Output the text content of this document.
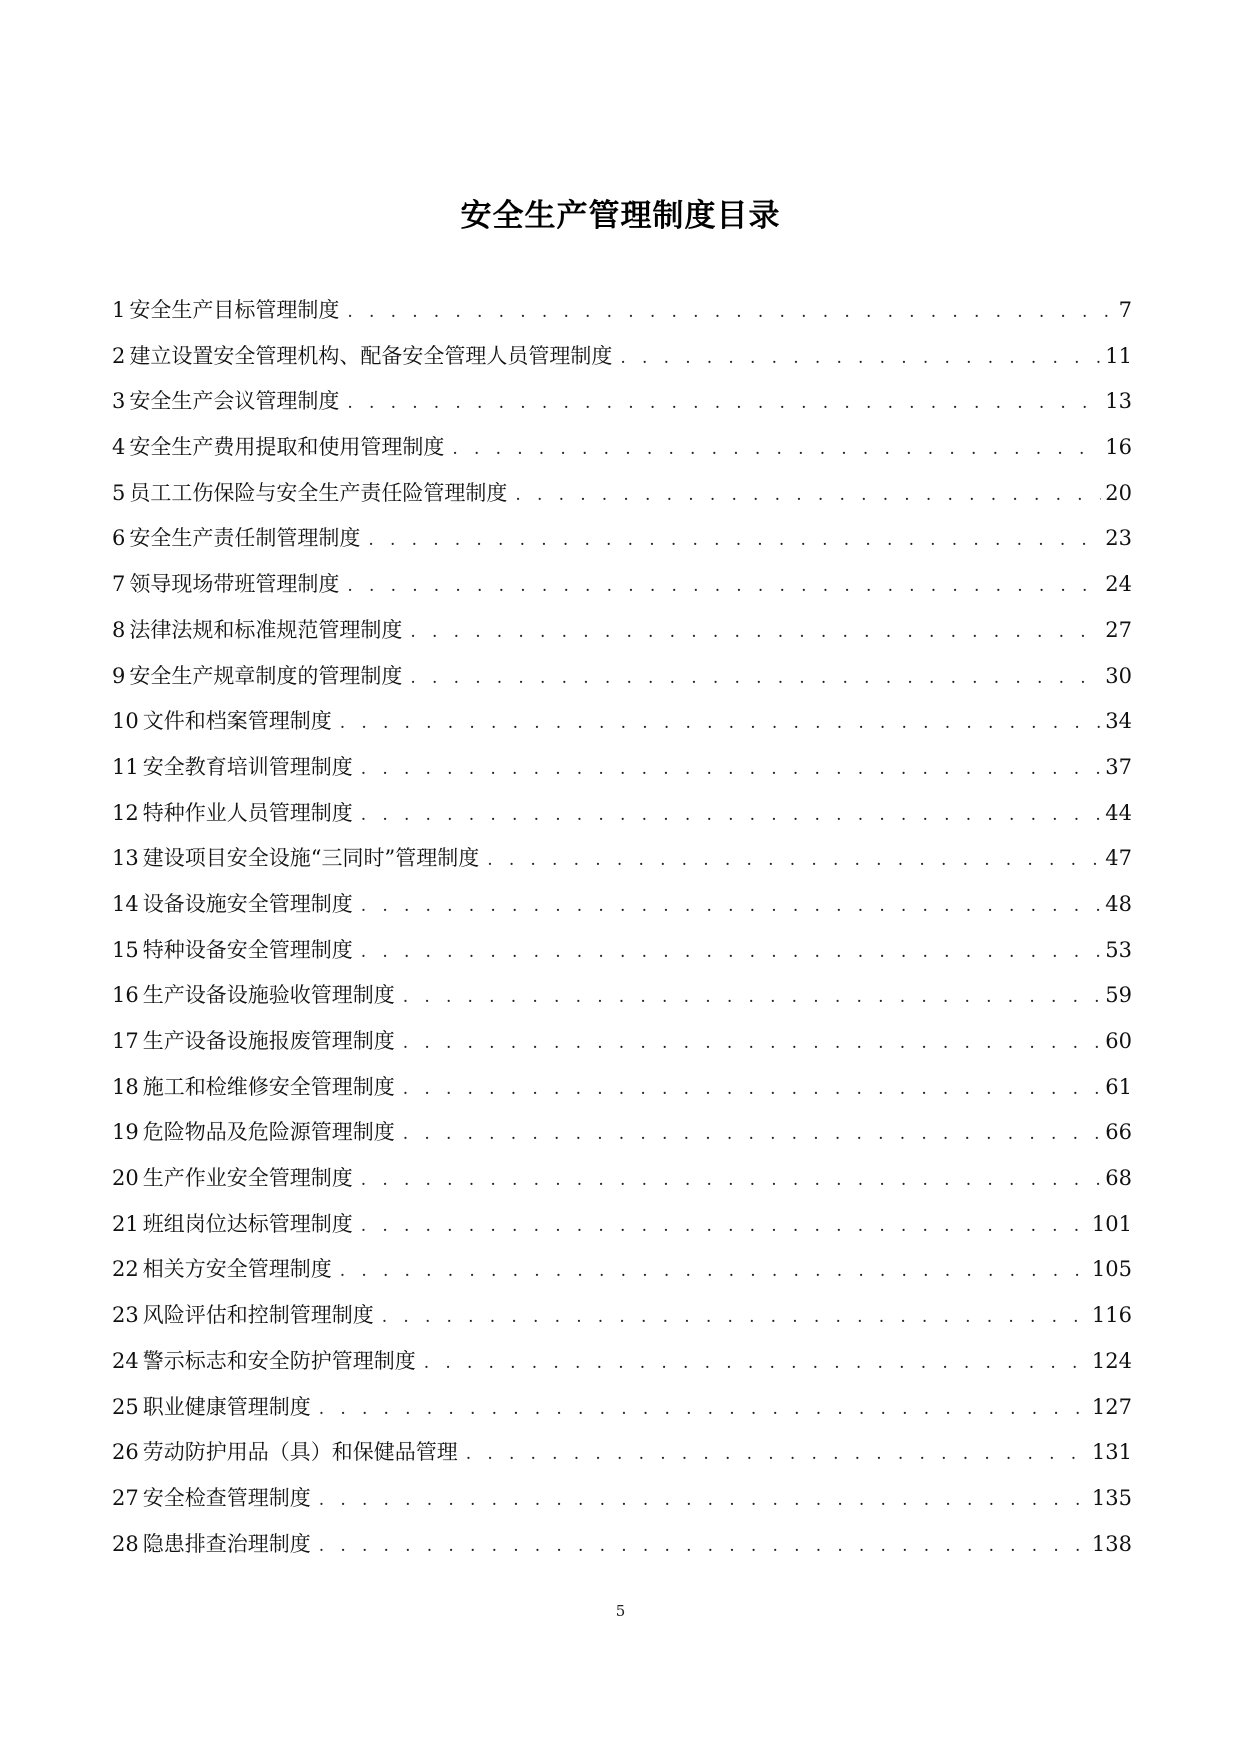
安全生产管理制度目录
1 安全生产目标管理制度 . . .	7
2 建立设置安全管理机构、配备安全管理人员管理制度 . . .	11
3 安全生产会议管理制度 . . .	13
4 安全生产费用提取和使用管理制度 . . .	16
5 员工工伤保险与安全生产责任险管理制度 . . .	20
6 安全生产责任制管理制度 . . .	23
7 领导现场带班管理制度 . . .	24
8 法律法规和标准规范管理制度 . . .	27
9 安全生产规章制度的管理制度 . . .	30
10 文件和档案管理制度 . . .	34
11 安全教育培训管理制度 . . .	37
12 特种作业人员管理制度 . . .	44
13 建设项目安全设施“三同时”管理制度 . . .	47
14 设备设施安全管理制度 . . .	48
15 特种设备安全管理制度 . . .	53
16 生产设备设施验收管理制度 . . .	59
17 生产设备设施报废管理制度 . . .	60
18 施工和检维修安全管理制度 . . .	61
19 危险物品及危险源管理制度 . . .	66
20 生产作业安全管理制度 . . .	68
21 班组岗位达标管理制度 . . .	101
22 相关方安全管理制度 . . .	105
23 风险评估和控制管理制度 . . .	116
24 警示标志和安全防护管理制度 . . .	124
25 职业健康管理制度 . . .	127
26 劳动防护用品（具）和保健品管理 . . .	131
27 安全检查管理制度 . . .	135
28 隐患排查治理制度 . . .	138
5
